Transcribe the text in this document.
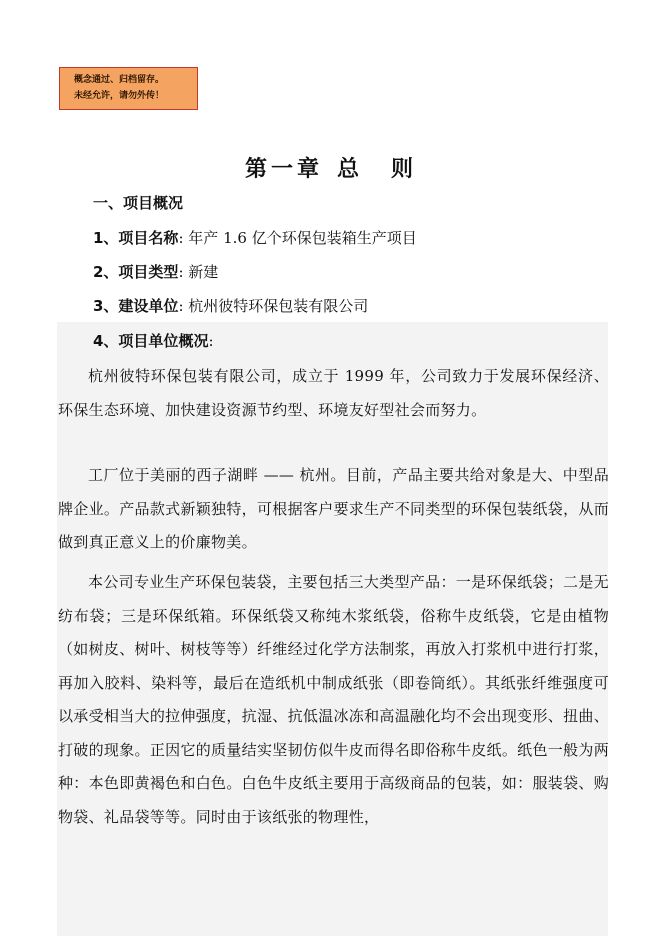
概念通过、归档留存。
未经允许，请勿外传！
第一章 总 则
一、项目概况
1、项目名称: 年产 1.6 亿个环保包装箱生产项目
2、项目类型: 新建
3、建设单位: 杭州彼特环保包装有限公司
4、项目单位概况:
杭州彼特环保包装有限公司，成立于 1999 年，公司致力于发展环保经济、环保生态环境、加快建设资源节约型、环境友好型社会而努力。
工厂位于美丽的西子湖畔 —— 杭州。目前，产品主要共给对象是大、中型品牌企业。产品款式新颖独特，可根据客户要求生产不同类型的环保包装纸袋，从而做到真正意义上的价廉物美。
本公司专业生产环保包装袋，主要包括三大类型产品：一是环保纸袋；二是无纺布袋；三是环保纸箱。环保纸袋又称纯木浆纸袋，俗称牛皮纸袋，它是由植物（如树皮、树叶、树枝等等）纤维经过化学方法制浆，再放入打浆机中进行打浆，再加入胶料、染料等，最后在造纸机中制成纸张（即卷筒纸）。其纸张纤维强度可以承受相当大的拉伸强度，抗湿、抗低温冰冻和高温融化均不会出现变形、扭曲、打破的现象。正因它的质量结实坚韧仿似牛皮而得名即俗称牛皮纸。纸色一般为两种：本色即黄褐色和白色。白色牛皮纸主要用于高级商品的包装，如：服装袋、购物袋、礼品袋等等。同时由于该纸张的物理性，
